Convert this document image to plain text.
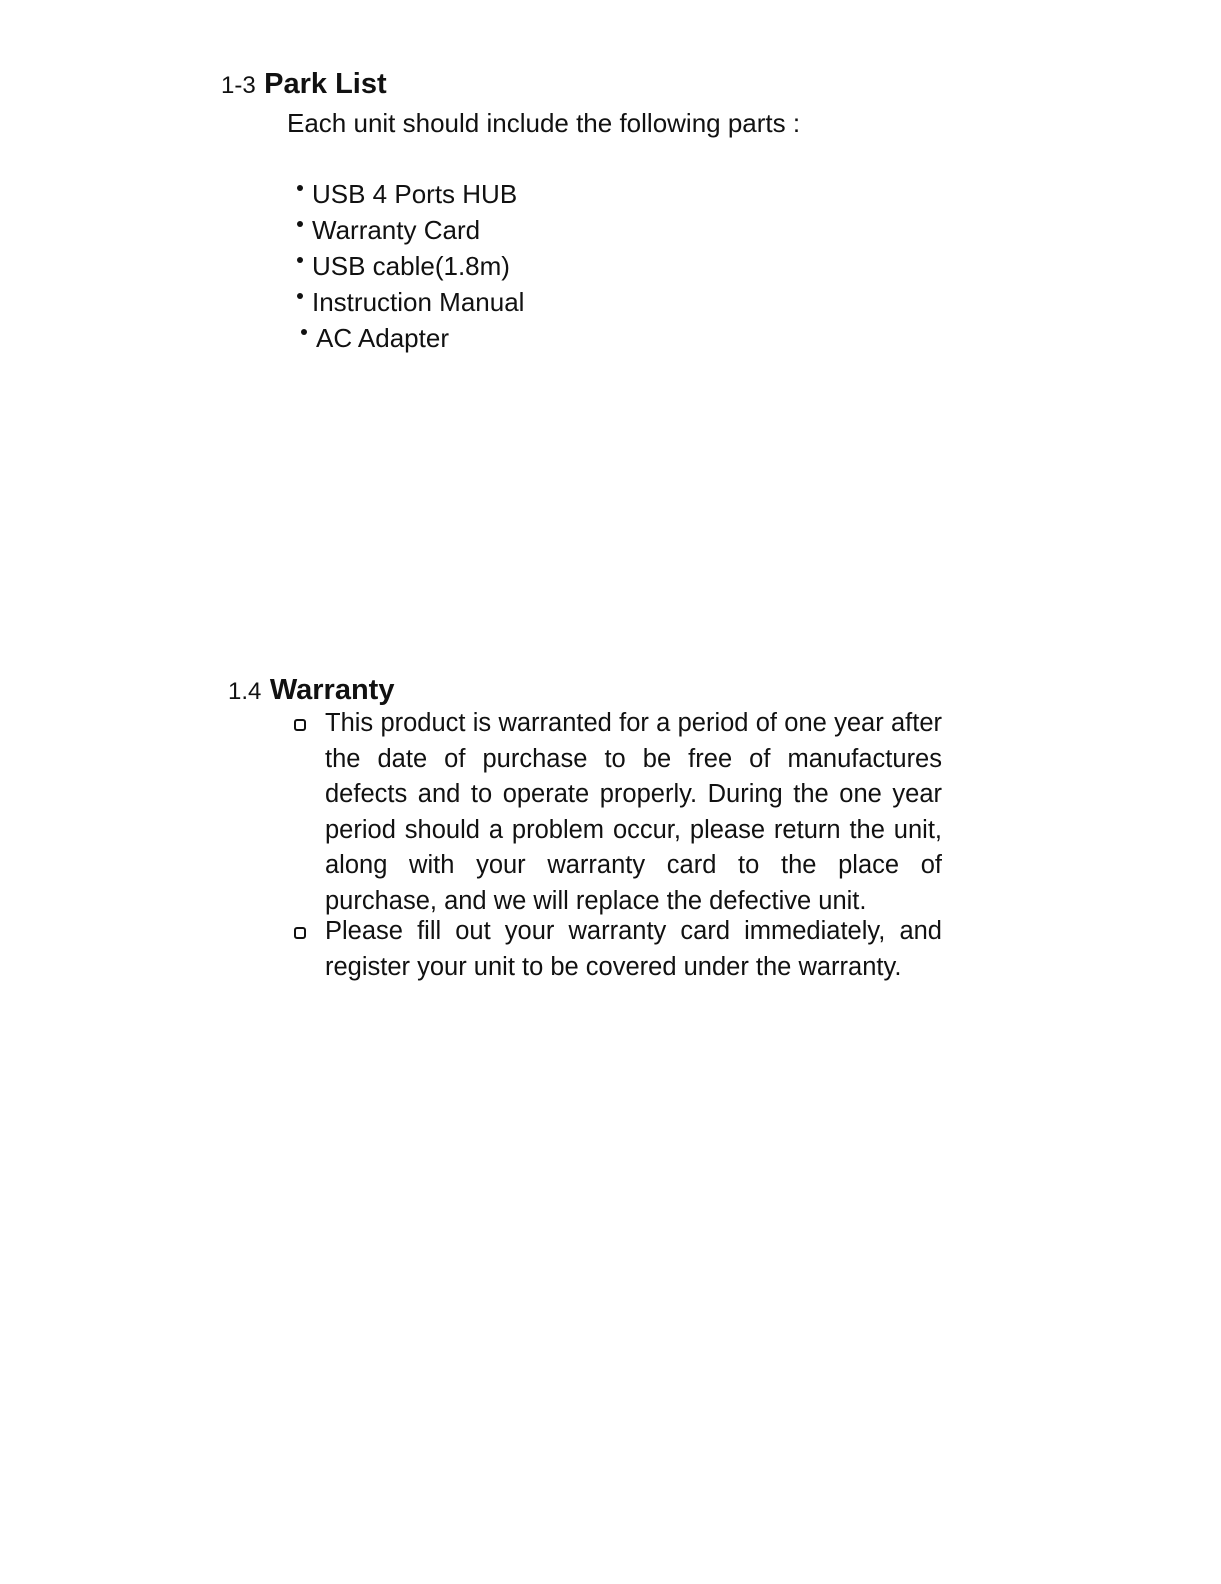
1-3 Park List
Each unit should include the following parts :
USB 4 Ports HUB
Warranty Card
USB cable(1.8m)
Instruction Manual
AC Adapter
1.4 Warranty
This product is warranted for a period of one year after the date of purchase to be free of manufactures defects and to operate properly. During the one year period should a problem occur, please return the unit, along with your warranty card to the place of purchase, and we will replace the defective unit.
Please fill out your warranty card immediately, and register your unit to be covered under the warranty.
